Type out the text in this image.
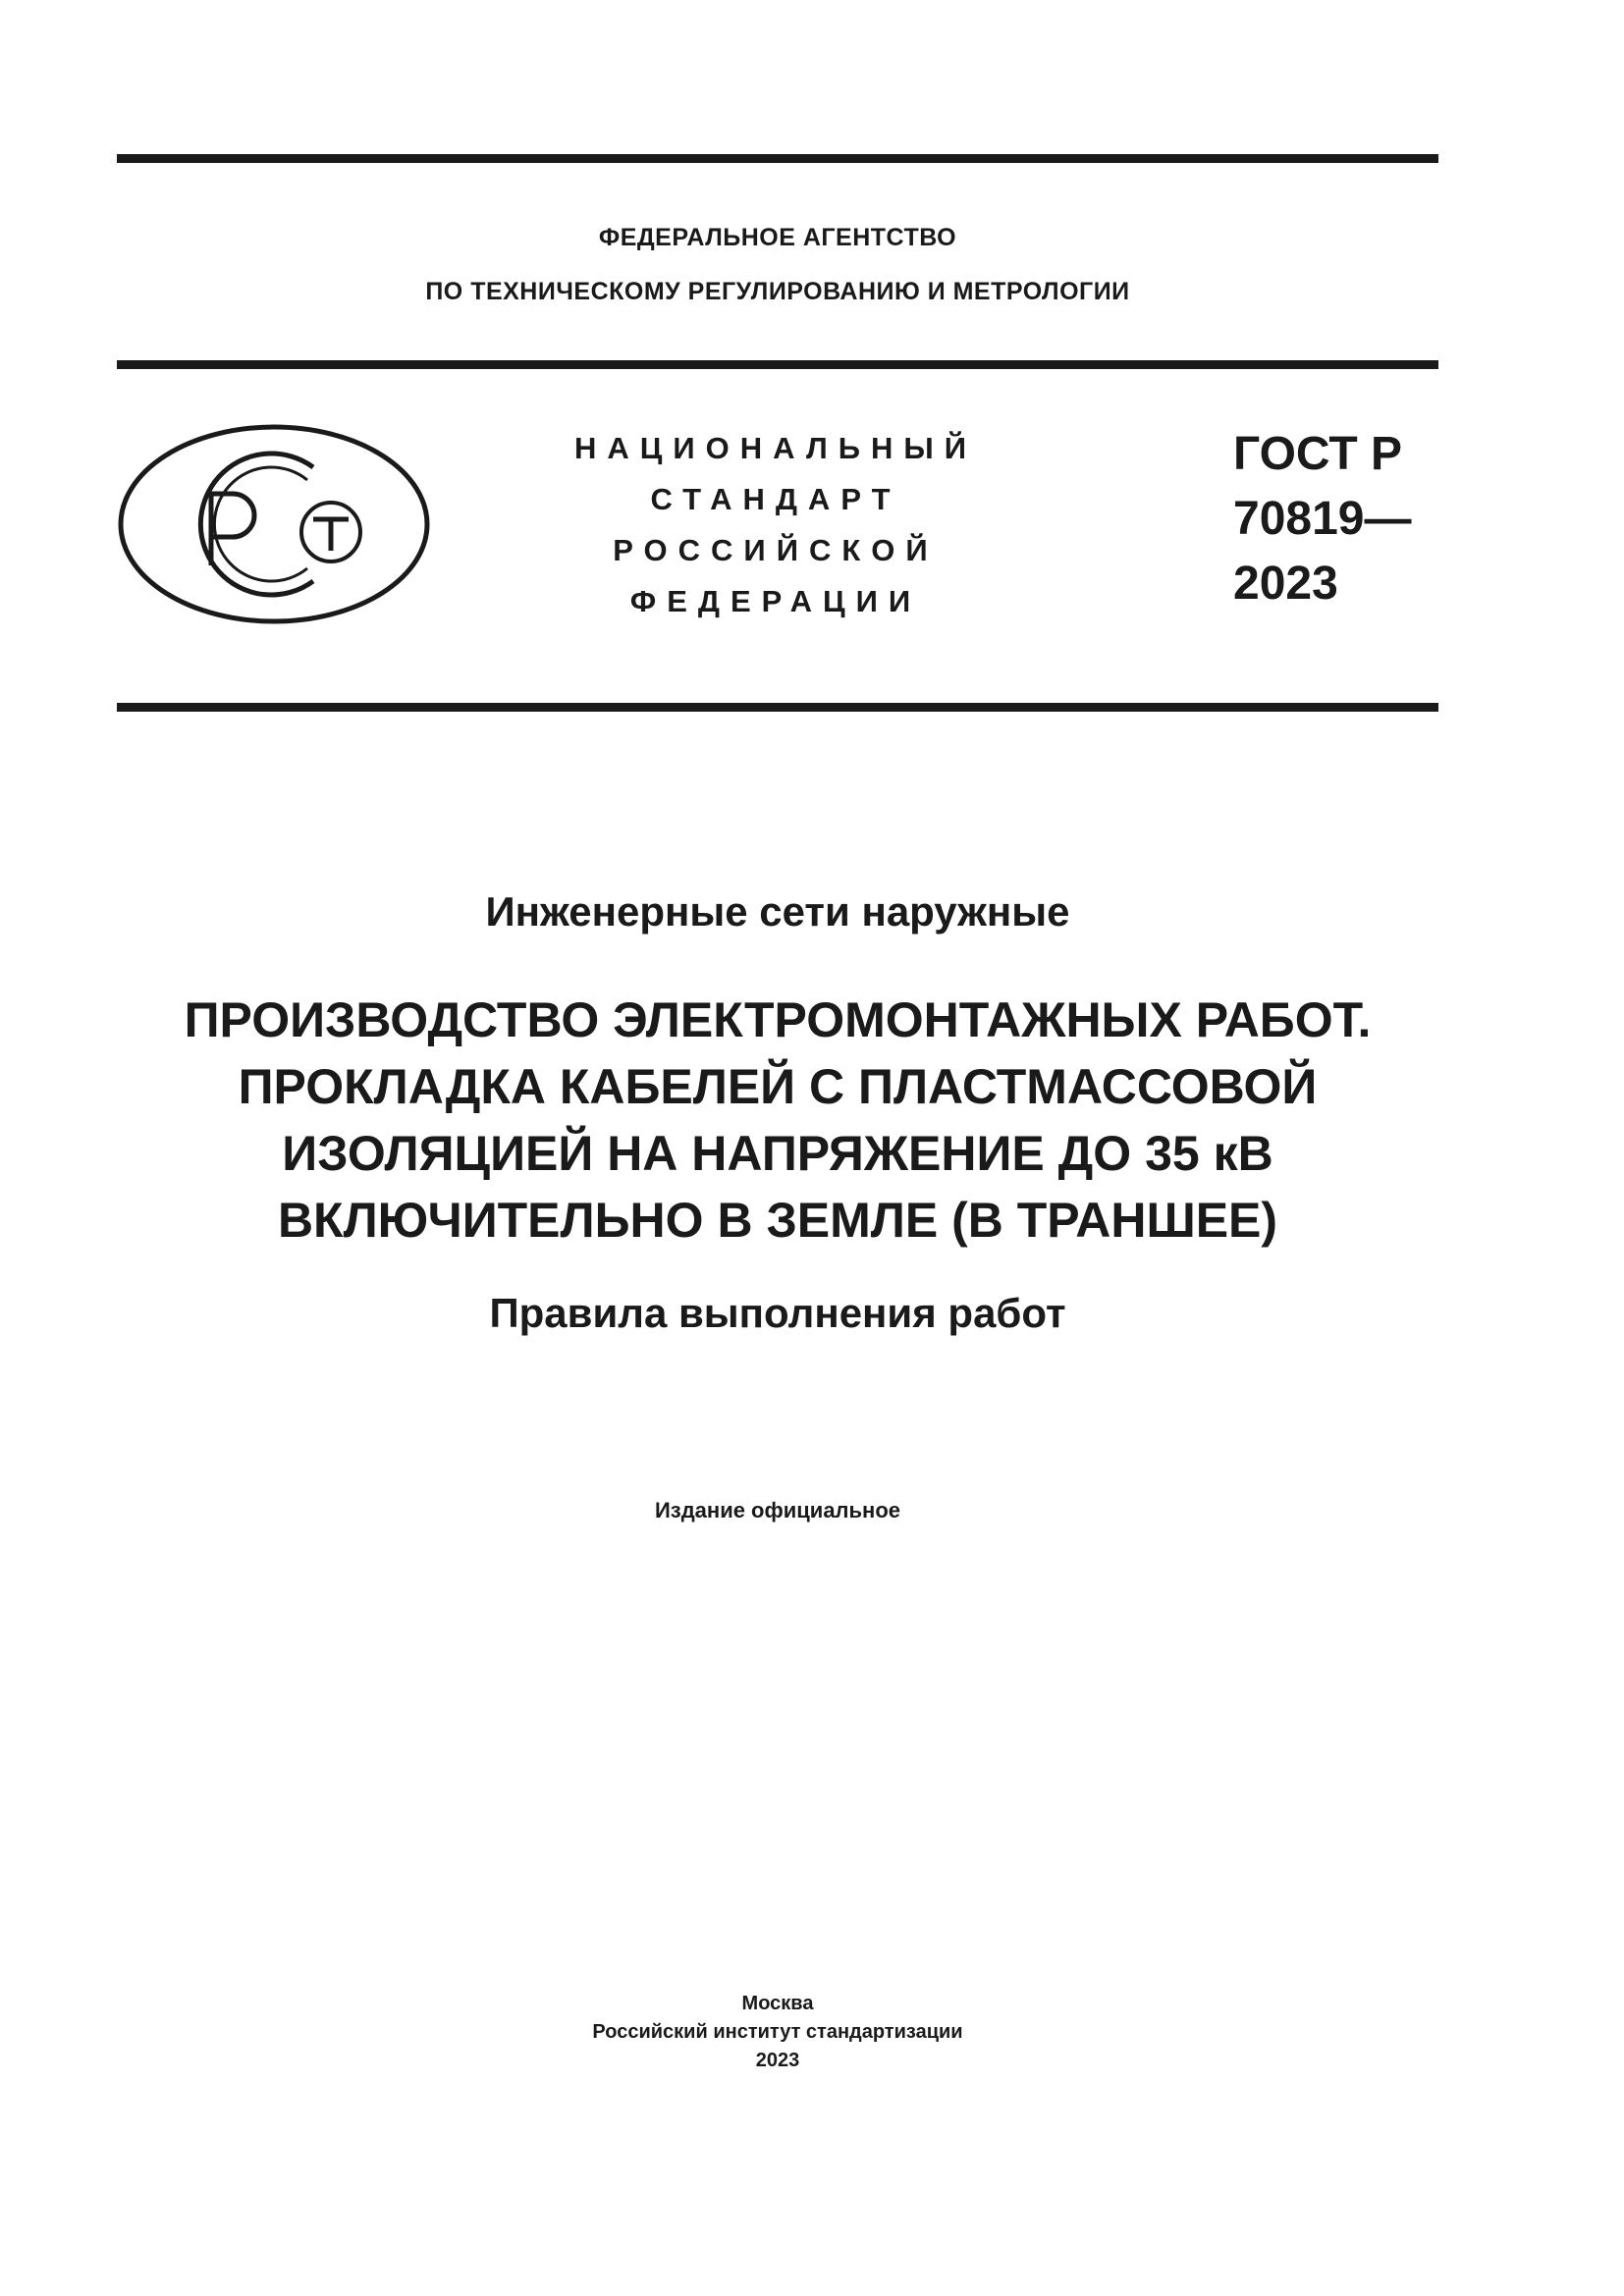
ФЕДЕРАЛЬНОЕ АГЕНТСТВО
ПО ТЕХНИЧЕСКОМУ РЕГУЛИРОВАНИЮ И МЕТРОЛОГИИ
НАЦИОНАЛЬНЫЙ
СТАНДАРТ
РОССИЙСКОЙ
ФЕДЕРАЦИИ
ГОСТ Р
70819—
2023
Инженерные сети наружные
ПРОИЗВОДСТВО ЭЛЕКТРОМОНТАЖНЫХ РАБОТ.
ПРОКЛАДКА КАБЕЛЕЙ С ПЛАСТМАССОВОЙ
ИЗОЛЯЦИЕЙ НА НАПРЯЖЕНИЕ ДО 35 кВ
ВКЛЮЧИТЕЛЬНО В ЗЕМЛЕ (В ТРАНШЕЕ)
Правила выполнения работ
Издание официальное
Москва
Российский институт стандартизации
2023
